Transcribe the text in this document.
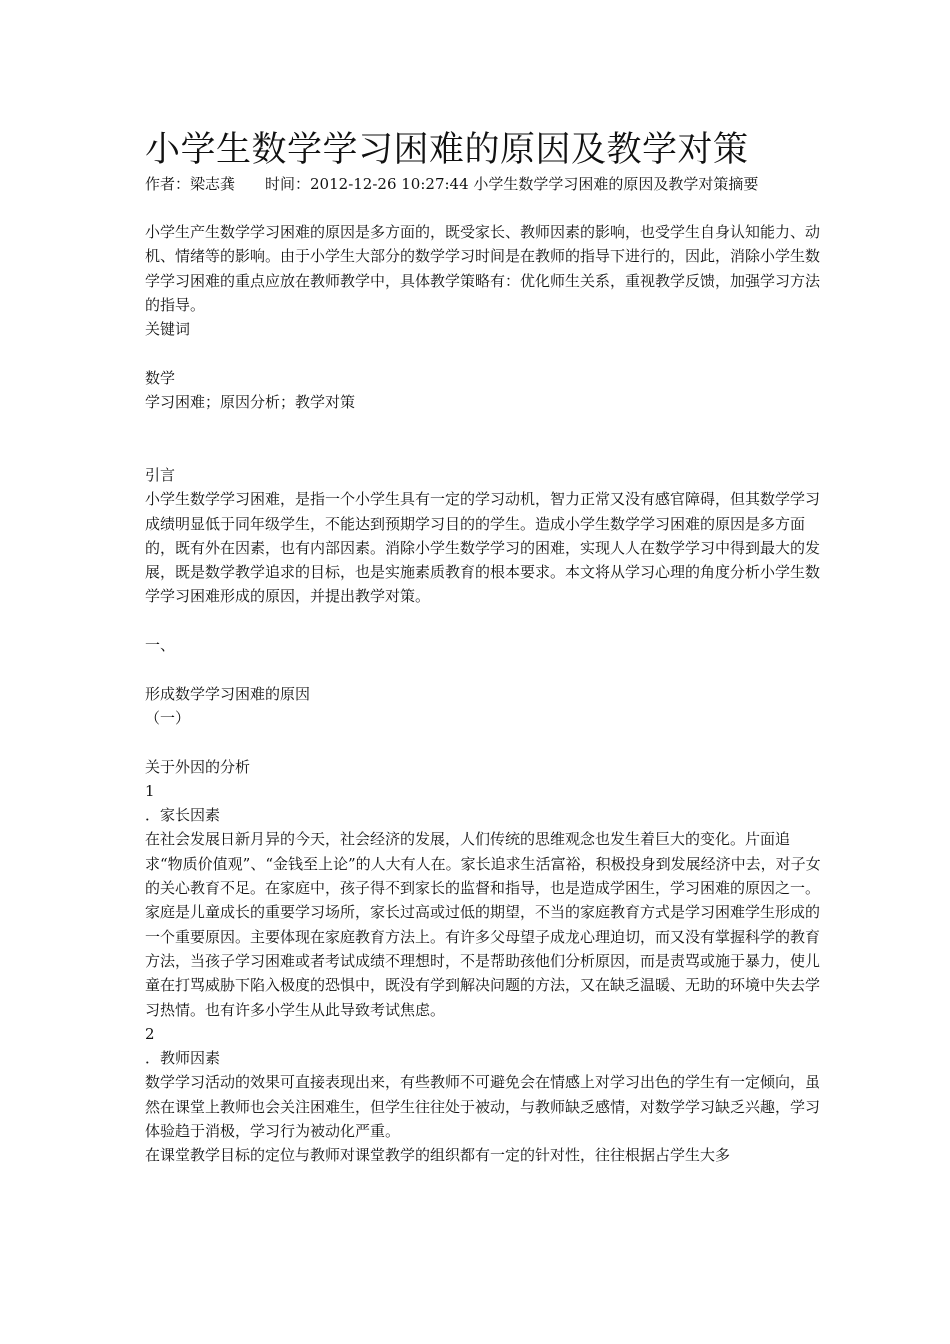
小学生数学学习困难的原因及教学对策
作者：梁志龚 时间：2012-12-26 10:27:44 小学生数学学习困难的原因及教学对策摘要

小学生产生数学学习困难的原因是多方面的，既受家长、教师因素的影响，也受学生自身认知能力、动机、情绪等的影响。由于小学生大部分的数学学习时间是在教师的指导下进行的，因此，消除小学生数学学习困难的重点应放在教师教学中，具体教学策略有：优化师生关系，重视教学反馈，加强学习方法的指导。

关键词
数学
学习困难；原因分析；教学对策
引言

小学生数学学习困难，是指一个小学生具有一定的学习动机，智力正常又没有感官障碍，但其数学学习成绩明显低于同年级学生，不能达到预期学习目的的学生。造成小学生数学学习困难的原因是多方面的，既有外在因素，也有内部因素。消除小学生数学学习的困难，实现人人在数学学习中得到最大的发展，既是数学教学追求的目标，也是实施素质教育的根本要求。本文将从学习心理的角度分析小学生数学学习困难形成的原因，并提出教学对策。

一、
形成数学学习困难的原因
（一）
关于外因的分析
1
．家长因素

在社会发展日新月异的今天，社会经济的发展，人们传统的思维观念也发生着巨大的变化。片面追求“物质价值观”、“金钱至上论”的人大有人在。家长追求生活富裕，积极投身到发展经济中去，对子女的关心教育不足。在家庭中，孩子得不到家长的监督和指导，也是造成学困生，学习困难的原因之一。

家庭是儿童成长的重要学习场所，家长过高或过低的期望，不当的家庭教育方式是学习困难学生形成的一个重要原因。主要体现在家庭教育方法上。有许多父母望子成龙心理迫切，而又没有掌握科学的教育方法，当孩子学习困难或者考试成绩不理想时，不是帮助孩他们分析原因，而是责骂或施于暴力，使儿童在打骂威胁下陷入极度的恐惧中，既没有学到解决问题的方法，又在缺乏温暖、无助的环境中失去学习热情。也有许多小学生从此导致考试焦虑。

2
．教师因素

数学学习活动的效果可直接表现出来，有些教师不可避免会在情感上对学习出色的学生有一定倾向，虽然在课堂上教师也会关注困难生，但学生往往处于被动，与教师缺乏感情，对数学学习缺乏兴趣，学习体验趋于消极，学习行为被动化严重。

在课堂教学目标的定位与教师对课堂教学的组织都有一定的针对性，往往根据占学生大多
